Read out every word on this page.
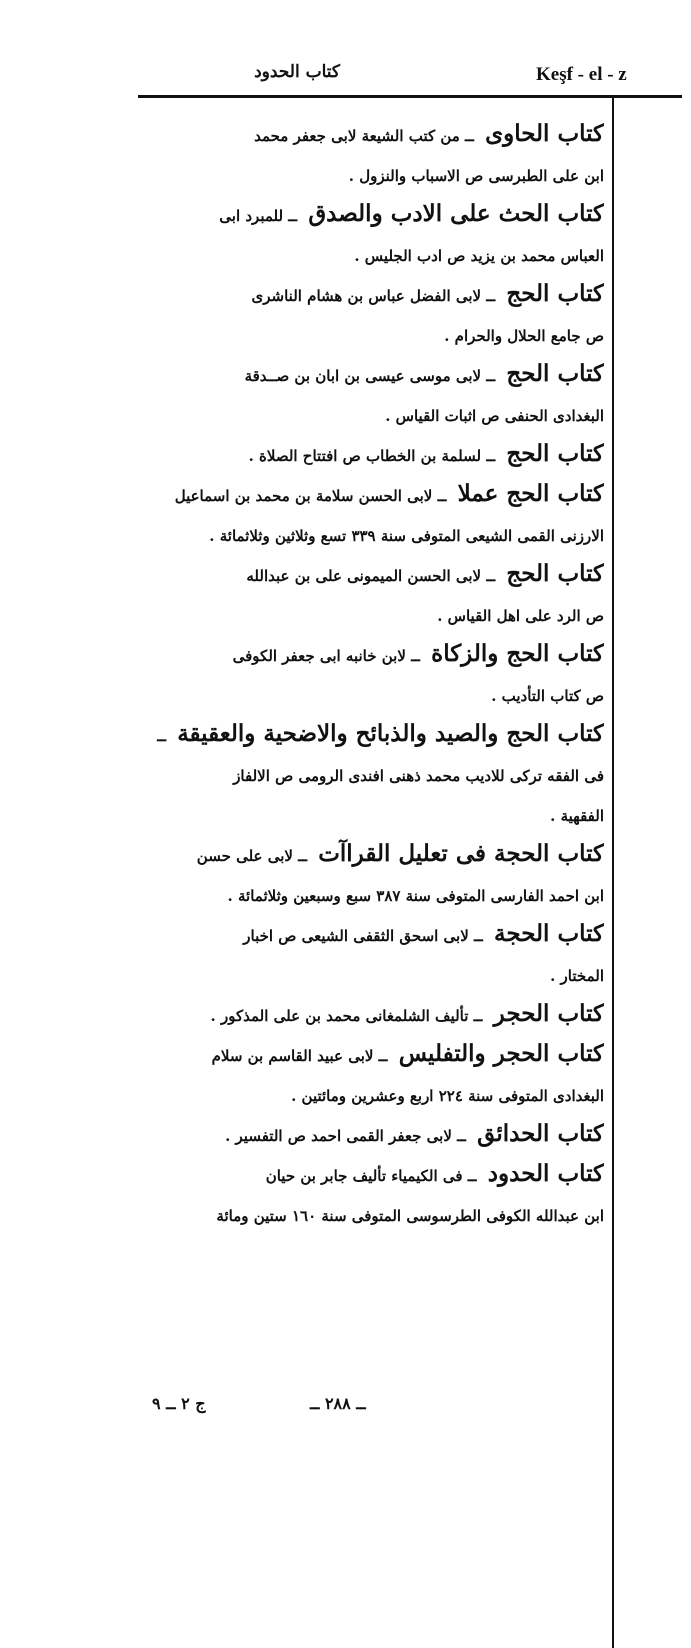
Keşf - el - z
كتاب الحدود
كتاب الحاوى ــ من كتب الشيعة لابى جعفر محمد
ابن على الطبرسى ص الاسباب والنزول .
كتاب الحث على الادب والصدق ــ للمبرد ابى
العباس محمد بن يزيد ص ادب الجليس .
كتاب الحج ــ لابى الفضل عباس بن هشام الناشرى
ص جامع الحلال والحرام .
كتاب الحج ــ لابى موسى عيسى بن ابان بن صــدقة
البغدادى الحنفى ص اثبات القياس .
كتاب الحج ــ لسلمة بن الخطاب ص افتتاح الصلاة .
كتاب الحج عملا ــ لابى الحسن سلامة بن محمد بن اسماعيل
الارزنى القمى الشيعى المتوفى سنة ٣٣٩ تسع وثلاثين وثلاثمائة .
كتاب الحج ــ لابى الحسن الميمونى على بن عبدالله
ص الرد على اهل القياس .
كتاب الحج والزكاة ــ لابن خانبه ابى جعفر الكوفى
ص كتاب التأديب .
كتاب الحج والصيد والذبائح والاضحية والعقيقة ــ
فى الفقه تركى للاديب محمد ذهنى افندى الرومى ص الالفاز
الفقهية .
كتاب الحجة فى تعليل القراآت ــ لابى على حسن
ابن احمد الفارسى المتوفى سنة ٣٨٧ سبع وسبعين وثلاثمائة .
كتاب الحجة ــ لابى اسحق الثقفى الشيعى ص اخبار
المختار .
كتاب الحجر ــ تأليف الشلمغانى محمد بن على المذكور .
كتاب الحجر والتفليس ــ لابى عبيد القاسم بن سلام
البغدادى المتوفى سنة ٢٢٤ اربع وعشرين ومائتين .
كتاب الحدائق ــ لابى جعفر القمى احمد ص التفسير .
كتاب الحدود ــ فى الكيمياء تأليف جابر بن حيان
ابن عبدالله الكوفى الطرسوسى المتوفى سنة ١٦٠ ستين ومائة
ــ ٢٨٨ ــ
ج ٢ ــ ٩
